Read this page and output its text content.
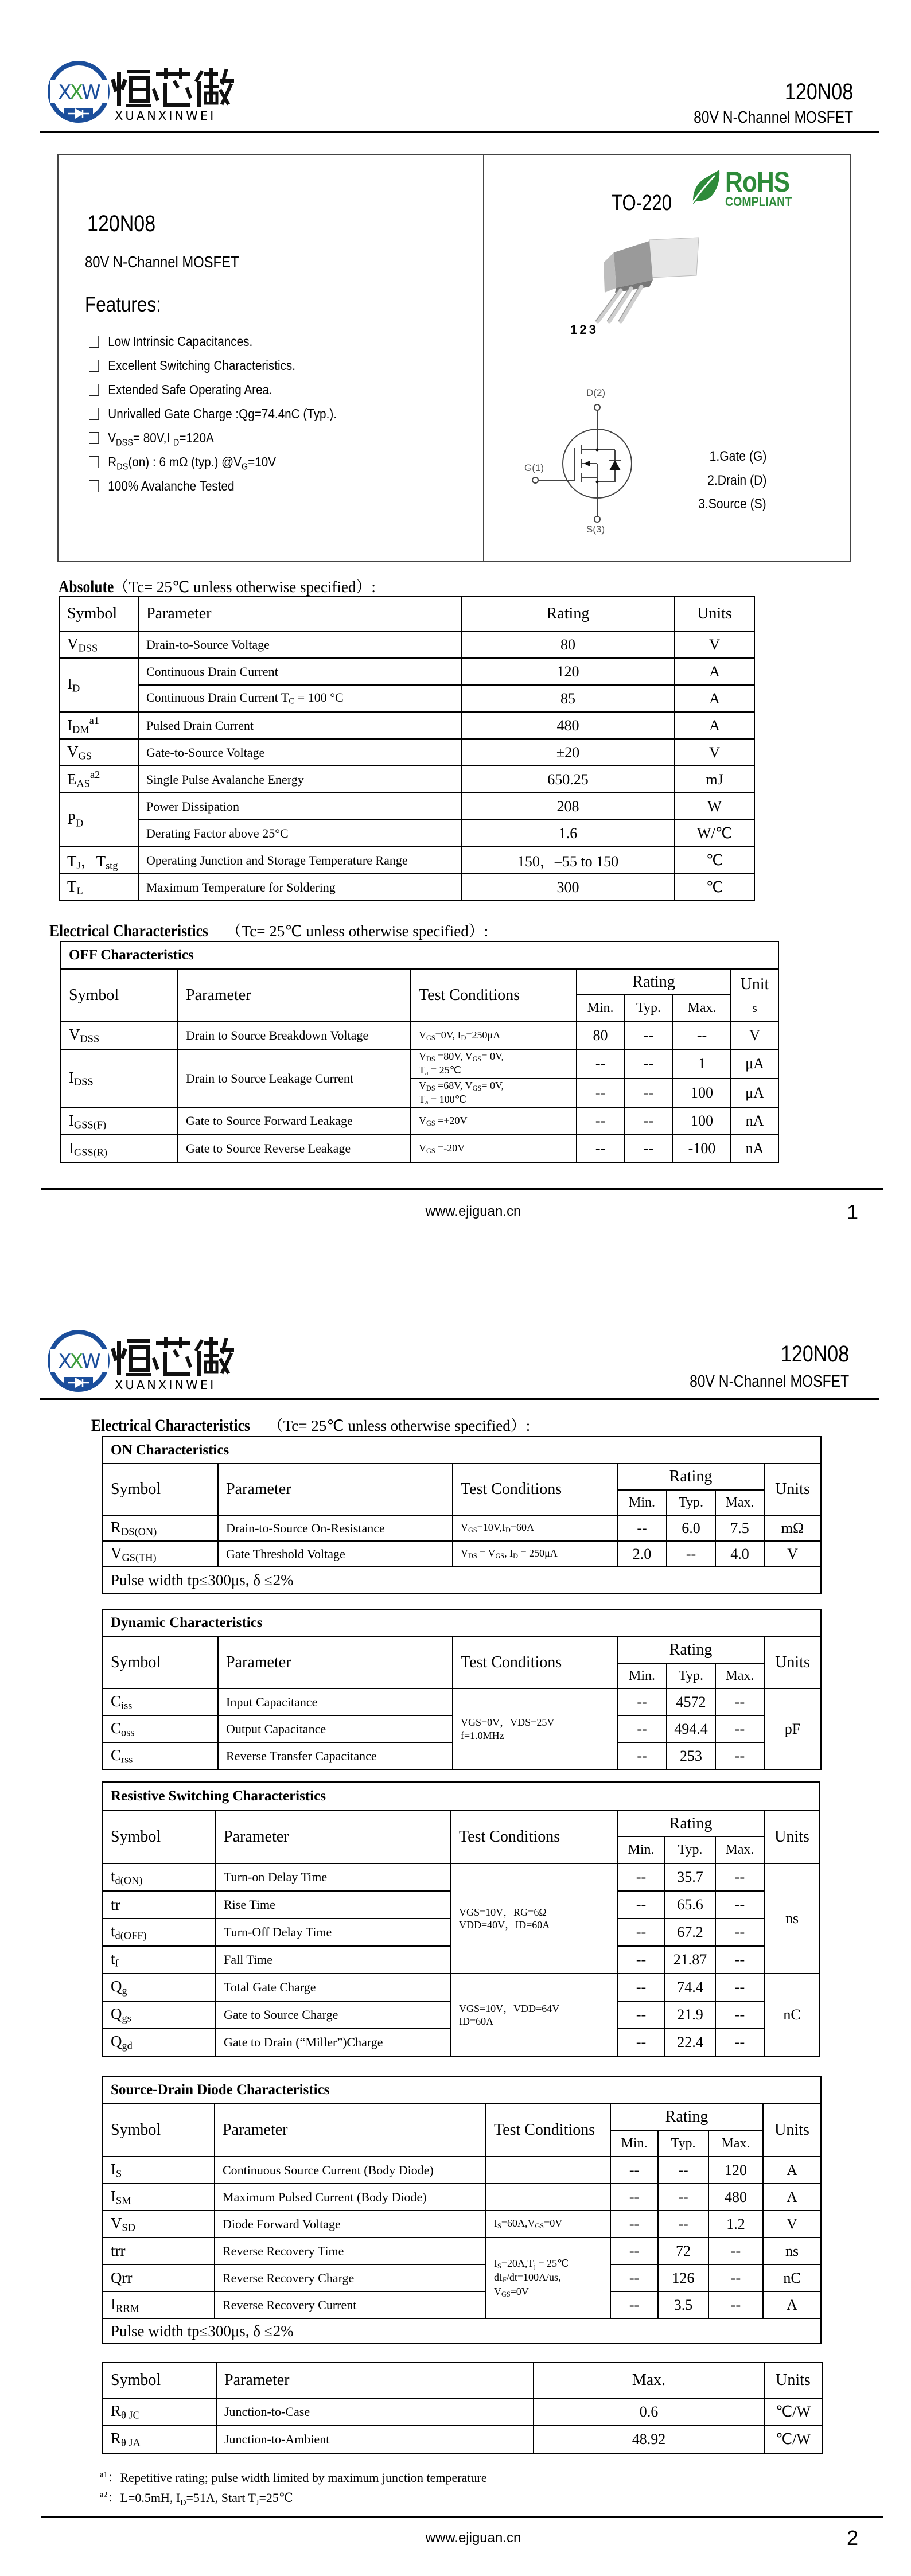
XXW
XUANXINWEI
120N08
80V N-Channel MOSFET
120N08
80V N-Channel MOSFET
Features:
Low Intrinsic Capacitances.
Excellent Switching Characteristics.
Extended Safe Operating Area.
Unrivalled Gate Charge :Qg=74.4nC (Typ.).
$V_{DSS}= 80V,I$ $_D$=120A
$R_{DS}(on)$ : 6 mΩ (typ.) $@V_G=10V$
100% Avalanche Tested
TO-220
RoHS
COMPLIANT
1 2 3
D(2)
G(1)
S(3)
1.Gate (G)
2.Drain (D)
3.Source (S)
Absolute（Tc= 25℃ unless otherwise specified）:
Symbol	Parameter	Rating	Units
$V_{DSS}$	Drain-to-Source Voltage	80	V
$I_D$	Continuous Drain Current	120	A
	Continuous Drain Current $T_C = 100$ °C	85	A
$I_{DM}^{a1}$	Pulsed Drain Current	480	A
$V_{GS}$	Gate-to-Source Voltage	±20	V
$E_{AS}^{a2}$	Single Pulse Avalanche Energy	650.25	mJ
$P_D$	Power Dissipation	208	W
	Derating Factor above 25°C	1.6	W/℃
$T_J$，$T_{stg}$	Operating Junction and Storage Temperature Range	150，–55 to 150	℃
$T_L$	Maximum Temperature for Soldering	300	℃
Electrical Characteristics （Tc= 25℃ unless otherwise specified）:
OFF Characteristics						
Symbol	Parameter	Test Conditions	Rating			Unit
s

			Min.	Typ.	Max.	
$V_{DSS}$	Drain to Source Breakdown Voltage	$V_{GS}=0V$, $I_D=250\mu A$	80	--	--	V
$I_{DSS}$	Drain to Source Leakage Current	$V_{DS} =80V$, $V_{GS}= 0V$,
$T_a$ = 25℃	--	--	1	μA
		$V_{DS} =68V$, $V_{GS}= 0V$,
$T_a$ = 100℃	--	--	100	μA
$I_{GSS(F)}$	Gate to Source Forward Leakage	$V_{GS} =+20V$	--	--	100	nA
$I_{GSS(R)}$	Gate to Source Reverse Leakage	$V_{GS} =-20V$	--	--	-100	nA
www.ejiguan.cn	1
XXW
XUANXINWEI
120N08
80V N-Channel MOSFET
Electrical Characteristics （Tc= 25℃ unless otherwise specified）:
ON Characteristics						
Symbol	Parameter	Test Conditions	Rating			Units
			Min.	Typ.	Max.	
$R_{DS(ON)}$	Drain-to-Source On-Resistance	$V_{GS}=10V,I_D=60A$	--	6.0	7.5	mΩ
$V_{GS(TH)}$	Gate Threshold Voltage	$V_{DS} = V_{GS}$, $I_D = 250\mu A$	2.0	--	4.0	V
Pulse width tp≤300μs, δ ≤2%						
Dynamic Characteristics						
Symbol	Parameter	Test Conditions	Rating			Units
			Min.	Typ.	Max.	
$C_{iss}$	Input Capacitance	VGS=0V，VDS=25V
f=1.0MHz	--	4572	--	pF
$C_{oss}$	Output Capacitance		--	494.4	--	
$C_{rss}$	Reverse Transfer Capacitance		--	253	--	
Resistive Switching Characteristics						
Symbol	Parameter	Test Conditions	Rating			Units
			Min.	Typ.	Max.	
$t_{d(ON)}$	Turn-on Delay Time	VGS=10V，RG=6Ω
VDD=40V，ID=60A	--	35.7	--	ns
tr	Rise Time		--	65.6	--	
$t_{d(OFF)}$	Turn-Off Delay Time		--	67.2	--	
$t_f$	Fall Time		--	21.87	--	
$Q_g$	Total Gate Charge	VGS=10V，VDD=64V
ID=60A	--	74.4	--	nC
$Q_{gs}$	Gate to Source Charge		--	21.9	--	
$Q_{gd}$	Gate to Drain (“Miller”)Charge		--	22.4	--	
Source-Drain Diode Characteristics						
Symbol	Parameter	Test Conditions	Rating			Units
			Min.	Typ.	Max.	
$I_S$	Continuous Source Current (Body Diode)		--	--	120	A
$I_{SM}$	Maximum Pulsed Current (Body Diode)		--	--	480	A
$V_{SD}$	Diode Forward Voltage	$I_S=60A,V_{GS}=0V$	--	--	1.2	V
trr	Reverse Recovery Time	$I_S=20A,T_j$ = 25℃
$dI_F/dt=100A/us$,
$V_{GS}=0V$	--	72	--	ns
Qrr	Reverse Recovery Charge		--	126	--	nC
$I_{RRM}$	Reverse Recovery Current		--	3.5	--	A
Pulse width tp≤300μs, δ ≤2%						
Symbol	Parameter	Max.	Units
$R_{\theta JC}$	Junction-to-Case	0.6	℃/W
$R_{\theta JA}$	Junction-to-Ambient	48.92	℃/W
$^{a1}$：Repetitive rating; pulse width limited by maximum junction temperature
$^{a2}$：L=0.5mH, $I_D=51A$, Start $T_J=25℃$
www.ejiguan.cn	2
